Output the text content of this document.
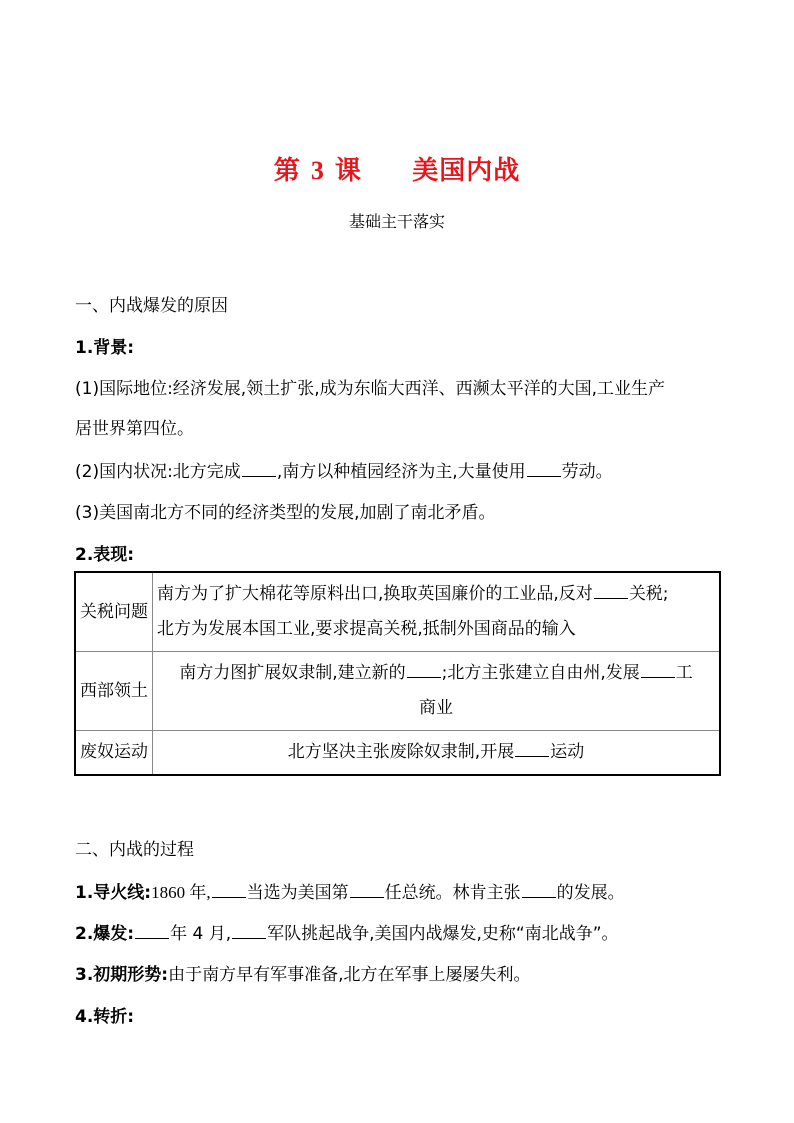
第 3 课 美国内战
基础主干落实
一、内战爆发的原因
1.背景:
(1)国际地位:经济发展,领土扩张,成为东临大西洋、西濒太平洋的大国,工业生产
居世界第四位。
(2)国内状况:北方完成 ,南方以种植园经济为主,大量使用 劳动。
(3)美国南北方不同的经济类型的发展,加剧了南北矛盾。
2.表现:
关税问题	南方为了扩大棉花等原料出口,换取英国廉价的工业品,反对 关税;
北方为发展本国工业,要求提高关税,抵制外国商品的输入

西部领土	南方力图扩展奴隶制,建立新的 ;北方主张建立自由州,发展 工
商业

废奴运动	北方坚决主张废除奴隶制,开展 运动
二、内战的过程
1.导火线:1860 年, 当选为美国第 任总统。林肯主张 的发展。
2.爆发: 年 4 月, 军队挑起战争,美国内战爆发,史称“南北战争”。
3.初期形势:由于南方早有军事准备,北方在军事上屡屡失利。
4.转折:
